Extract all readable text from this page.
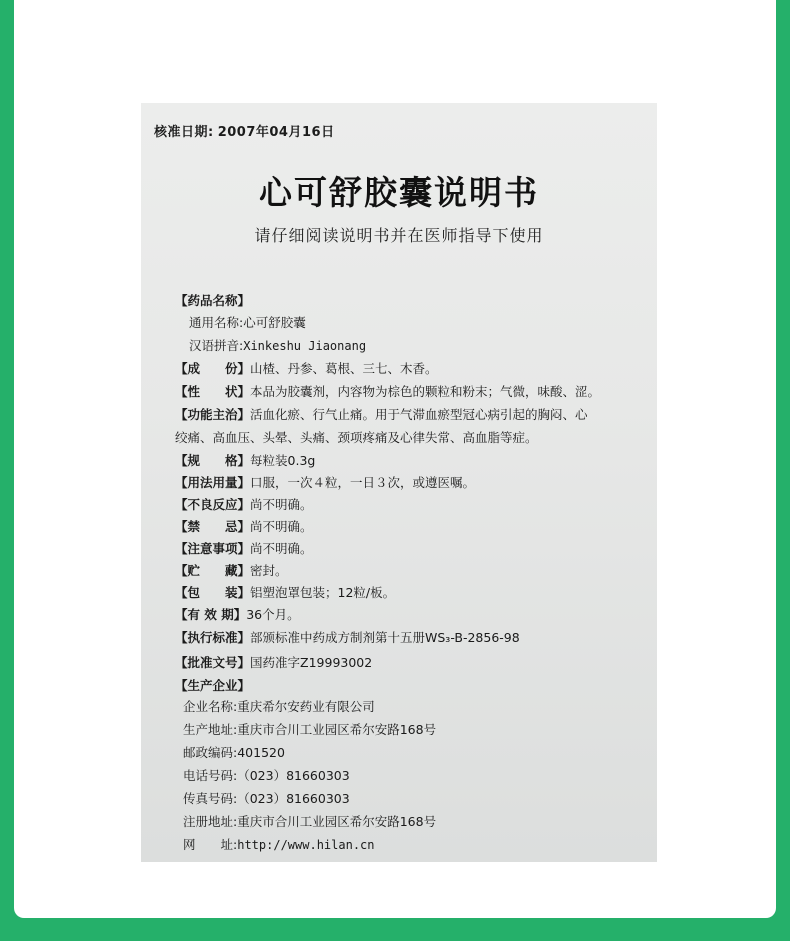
核准日期: 2007年04月16日
心可舒胶囊说明书
请仔细阅读说明书并在医师指导下使用
【药品名称】
通用名称:心可舒胶囊
汉语拼音:Xinkeshu Jiaonang
【成　　份】山楂、丹参、葛根、三七、木香。
【性　　状】本品为胶囊剂，内容物为棕色的颗粒和粉末；气微，味酸、涩。
【功能主治】活血化瘀、行气止痛。用于气滞血瘀型冠心病引起的胸闷、心
绞痛、高血压、头晕、头痛、颈项疼痛及心律失常、高血脂等症。
【规　　格】每粒装0.3g
【用法用量】口服，一次４粒，一日３次，或遵医嘱。
【不良反应】尚不明确。
【禁　　忌】尚不明确。
【注意事项】尚不明确。
【贮　　藏】密封。
【包　　装】铝塑泡罩包装；12粒/板。
【有 效 期】36个月。
【执行标准】部颁标准中药成方制剂第十五册WS₃-B-2856-98
【批准文号】国药准字Z19993002
【生产企业】
企业名称:重庆希尔安药业有限公司
生产地址:重庆市合川工业园区希尔安路168号
邮政编码:401520
电话号码:（023）81660303
传真号码:（023）81660303
注册地址:重庆市合川工业园区希尔安路168号
网　　址:http://www.hilan.cn
